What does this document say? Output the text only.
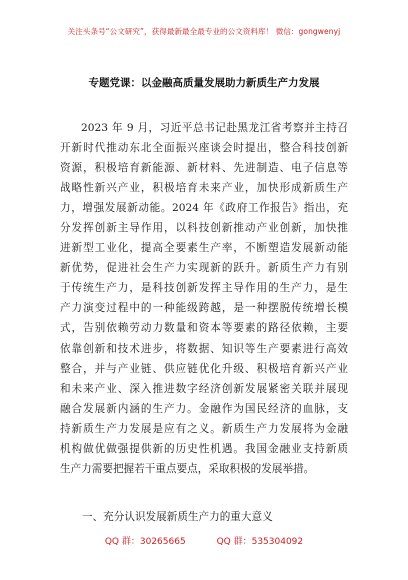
关注头条号“公文研究”，获得最新最全最专业的公文资料库！ 微信：gongwenyj
专题党课：以金融高质量发展助力新质生产力发展
2023 年 9 月，习近平总书记赴黑龙江省考察并主持召
开新时代推动东北全面振兴座谈会时提出，整合科技创新
资源，积极培育新能源、新材料、先进制造、电子信息等
战略性新兴产业，积极培育未来产业，加快形成新质生产
力，增强发展新动能。2024 年《政府工作报告》指出，充
分发挥创新主导作用，以科技创新推动产业创新，加快推
进新型工业化，提高全要素生产率，不断塑造发展新动能
新优势，促进社会生产力实现新的跃升。新质生产力有别
于传统生产力，是科技创新发挥主导作用的生产力，是生
产力演变过程中的一种能级跨越，是一种摆脱传统增长模
式，告别依赖劳动力数量和资本等要素的路径依赖，主要
依靠创新和技术进步，将数据、知识等生产要素进行高效
整合，并与产业链、供应链优化升级、积极培育新兴产业
和未来产业、深入推进数字经济创新发展紧密关联并展现
融合发展新内涵的生产力。金融作为国民经济的血脉，支
持新质生产力发展是应有之义。新质生产力发展将为金融
机构做优做强提供新的历史性机遇。我国金融业支持新质
生产力需要把握若干重点要点，采取积极的发展举措。
一、充分认识发展新质生产力的重大意义
QQ 群：30265665	QQ 群：535304092
